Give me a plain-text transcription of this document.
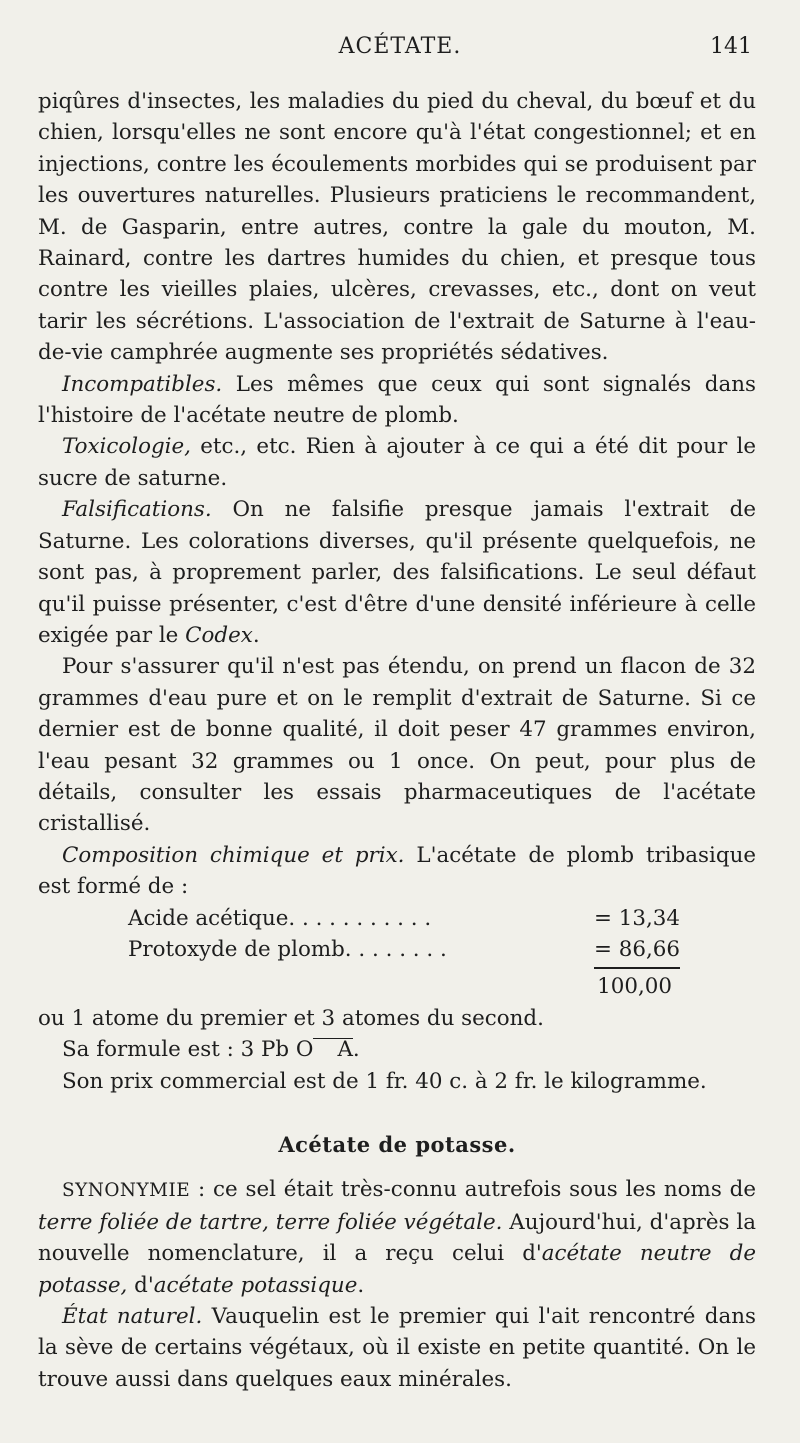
ACÉTATE.	141

piqûres d'insectes, les maladies du pied du cheval, du bœuf et du chien, lorsqu'elles ne sont encore qu'à l'état congestionnel; et en injections, contre les écoulements morbides qui se produisent par les ouvertures naturelles. Plusieurs praticiens le recommandent, M. de Gasparin, entre autres, contre la gale du mouton, M. Rainard, contre les dartres humides du chien, et presque tous contre les vieilles plaies, ulcères, crevasses, etc., dont on veut tarir les sécrétions. L'association de l'extrait de Saturne à l'eau-de-vie camphrée augmente ses propriétés sédatives.

Incompatibles. Les mêmes que ceux qui sont signalés dans l'histoire de l'acétate neutre de plomb.

Toxicologie, etc., etc. Rien à ajouter à ce qui a été dit pour le sucre de saturne.

Falsifications. On ne falsifie presque jamais l'extrait de Saturne. Les colorations diverses, qu'il présente quelquefois, ne sont pas, à proprement parler, des falsifications. Le seul défaut qu'il puisse présenter, c'est d'être d'une densité inférieure à celle exigée par le Codex.

Pour s'assurer qu'il n'est pas étendu, on prend un flacon de 32 grammes d'eau pure et on le remplit d'extrait de Saturne. Si ce dernier est de bonne qualité, il doit peser 47 grammes environ, l'eau pesant 32 grammes ou 1 once. On peut, pour plus de détails, consulter les essais pharmaceutiques de l'acétate cristallisé.

Composition chimique et prix. L'acétate de plomb tribasique est formé de :

Acide acétique. . . . . . . . . . .	= 13,34
Protoxyde de plomb. . . . . . . .	= 86,66
100,00

ou 1 atome du premier et 3 atomes du second.

Sa formule est : 3 Pb O	A .

Son prix commercial est de 1 fr. 40 c. à 2 fr. le kilogramme.

Acétate de potasse.

SYNONYMIE : ce sel était très-connu autrefois sous les noms de terre foliée de tartre, terre foliée végétale. Aujourd'hui, d'après la nouvelle nomenclature, il a reçu celui d'acétate neutre de potasse, d'acétate potassique.

État naturel. Vauquelin est le premier qui l'ait rencontré dans la sève de certains végétaux, où il existe en petite quantité. On le trouve aussi dans quelques eaux minérales.
